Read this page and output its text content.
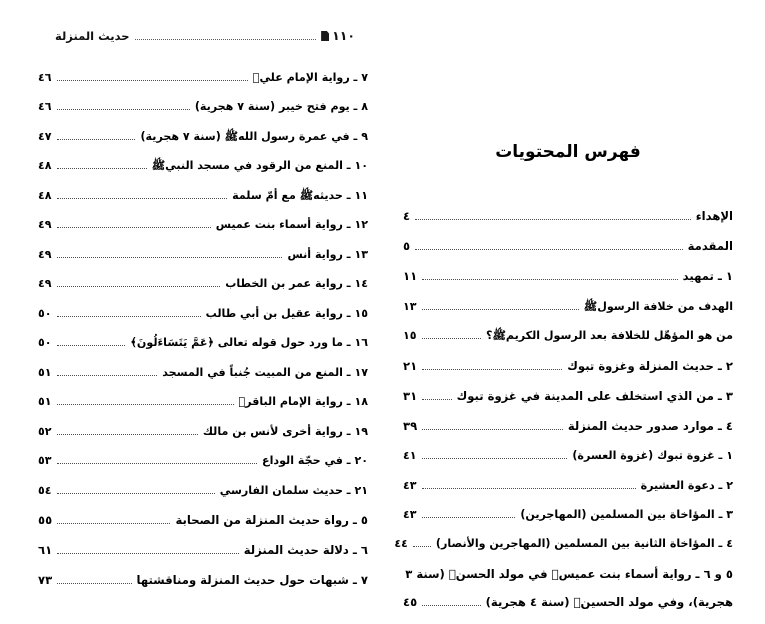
١١٠
حديث المنزلة
فهرس المحتويات
الإهداء
٤
المقدمة
٥
١ ـ تمهيد
١١
الهدف من خلافة الرسولﷺ
١٣
من هو المؤهّل للخلافة بعد الرسول الكريمﷺ؟
١٥
٢ ـ حديث المنزلة وغزوة تبوك
٢١
٣ ـ من الذي استخلف على المدينة في غزوة تبوك
٣١
٤ ـ موارد صدور حديث المنزلة
٣٩
١ ـ غزوة تبوك (غزوة العسرة)
٤١
٢ ـ دعوة العشيرة
٤٣
٣ ـ المؤاخاة بين المسلمين (المهاجرين)
٤٣
٤ ـ المؤاخاة الثانية بين المسلمين (المهاجرين والأنصار)
٤٤
٥ و ٦ ـ رواية أسماء بنت عميسؓ في مولد الحسنؓ (سنة ٣
هجرية)، وفي مولد الحسينؓ (سنة ٤ هجرية)
٤٥
٧ ـ رواية الإمام عليؓ
٤٦
٨ ـ يوم فتح خيبر (سنة ٧ هجرية)
٤٦
٩ ـ في عمرة رسول اللهﷺ (سنة ٧ هجرية)
٤٧
١٠ ـ المنع من الرقود في مسجد النبيﷺ
٤٨
١١ ـ حديثهﷺ مع أمّ سلمة
٤٨
١٢ ـ رواية أسماء بنت عميس
٤٩
١٣ ـ رواية أنس
٤٩
١٤ ـ رواية عمر بن الخطاب
٤٩
١٥ ـ رواية عقيل بن أبي طالب
٥٠
١٦ ـ ما ورد حول قوله تعالى ﴿عَمَّ يَتَسَاءَلُونَ﴾
٥٠
١٧ ـ المنع من المبيت جُنباً في المسجد
٥١
١٨ ـ رواية الإمام الباقرؓ
٥١
١٩ ـ رواية أخرى لأنس بن مالك
٥٢
٢٠ ـ في حجّة الوداع
٥٣
٢١ ـ حديث سلمان الفارسي
٥٤
٥ ـ رواة حديث المنزلة من الصحابة
٥٥
٦ ـ دلالة حديث المنزلة
٦١
٧ ـ شبهات حول حديث المنزلة ومناقشتها
٧٣
